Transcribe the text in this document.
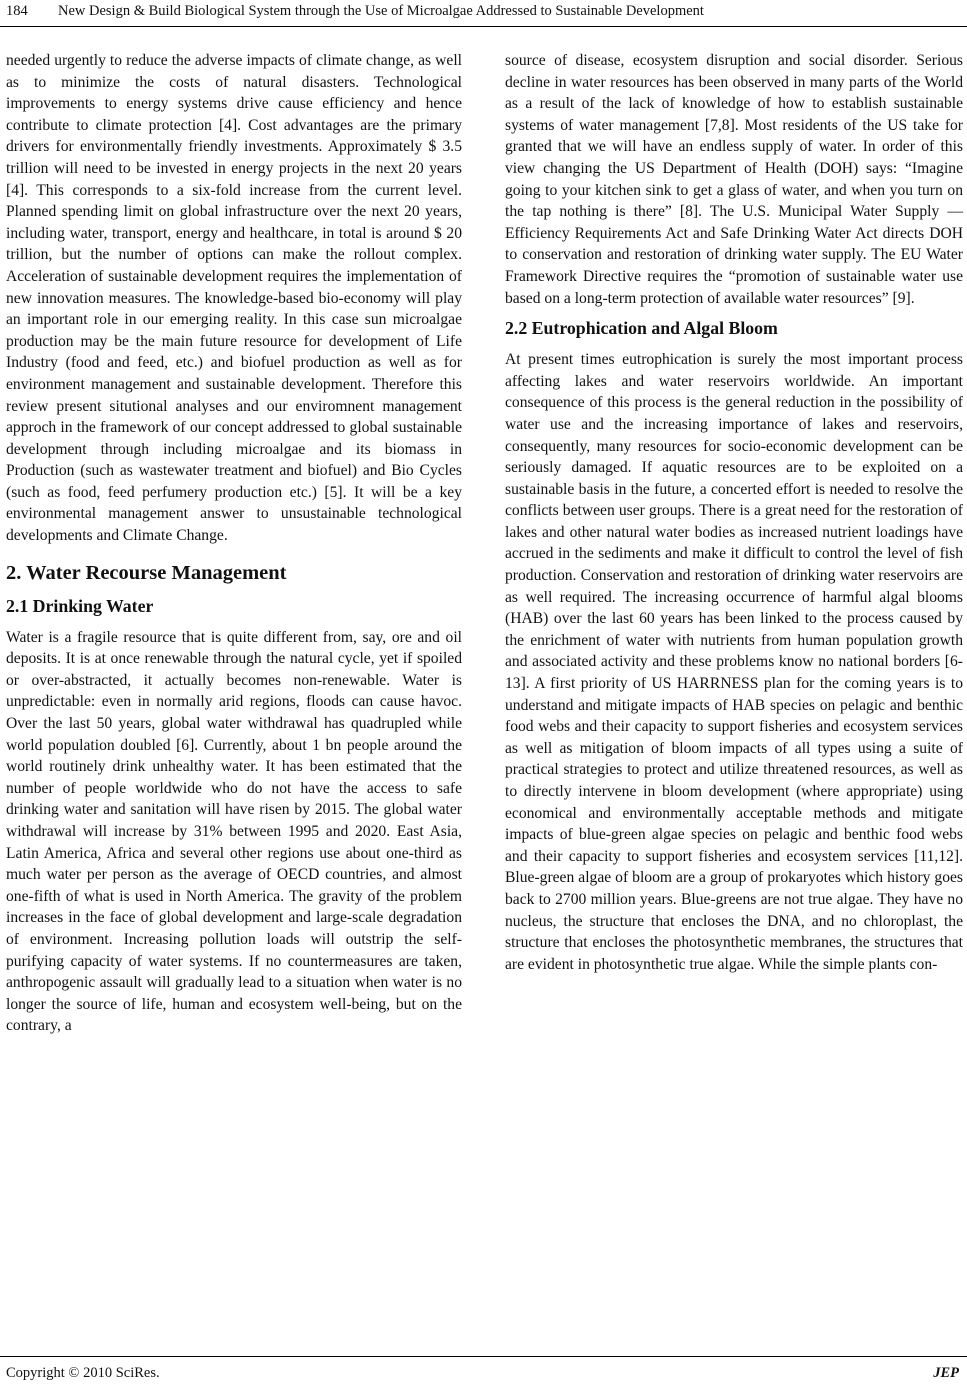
184 New Design & Build Biological System through the Use of Microalgae Addressed to Sustainable Development

needed urgently to reduce the adverse impacts of climate change, as well as to minimize the costs of natural disasters. Technological improvements to energy systems drive cause efficiency and hence contribute to climate protection [4]. Cost advantages are the primary drivers for environmentally friendly investments. Approximately $ 3.5 trillion will need to be invested in energy projects in the next 20 years [4]. This corresponds to a six-fold increase from the current level. Planned spending limit on global infrastructure over the next 20 years, including water, transport, energy and healthcare, in total is around $ 20 trillion, but the number of options can make the rollout complex. Acceleration of sustainable development requires the implementation of new innovation measures. The knowledge-based bio-economy will play an important role in our emerging reality. In this case sun microalgae production may be the main future resource for development of Life Industry (food and feed, etc.) and biofuel production as well as for environment management and sustainable development. Therefore this review present situtional analyses and our enviromnent management approch in the framework of our concept addressed to global sustainable development through including microalgae and its biomass in Production (such as wastewater treatment and biofuel) and Bio Cycles (such as food, feed perfumery production etc.) [5]. It will be a key environmental management answer to unsustainable technological developments and Climate Change.

2. Water Recourse Management
2.1 Drinking Water

Water is a fragile resource that is quite different from, say, ore and oil deposits. It is at once renewable through the natural cycle, yet if spoiled or over-abstracted, it actually becomes non-renewable. Water is unpredictable: even in normally arid regions, floods can cause havoc. Over the last 50 years, global water withdrawal has quadrupled while world population doubled [6]. Currently, about 1 bn people around the world routinely drink unhealthy water. It has been estimated that the number of people worldwide who do not have the access to safe drinking water and sanitation will have risen by 2015. The global water withdrawal will increase by 31% between 1995 and 2020. East Asia, Latin America, Africa and several other regions use about one-third as much water per person as the average of OECD countries, and almost one-fifth of what is used in North America. The gravity of the problem increases in the face of global development and large-scale degradation of environment. Increasing pollution loads will outstrip the self-purifying capacity of water systems. If no countermeasures are taken, anthropogenic assault will gradually lead to a situation when water is no longer the source of life, human and ecosystem well-being, but on the contrary, a

source of disease, ecosystem disruption and social disorder. Serious decline in water resources has been observed in many parts of the World as a result of the lack of knowledge of how to establish sustainable systems of water management [7,8]. Most residents of the US take for granted that we will have an endless supply of water. In order of this view changing the US Department of Health (DOH) says: “Imagine going to your kitchen sink to get a glass of water, and when you turn on the tap nothing is there” [8]. The U.S. Municipal Water Supply —Efficiency Requirements Act and Safe Drinking Water Act directs DOH to conservation and restoration of drinking water supply. The EU Water Framework Directive requires the “promotion of sustainable water use based on a long-term protection of available water resources” [9].

2.2 Eutrophication and Algal Bloom

At present times eutrophication is surely the most important process affecting lakes and water reservoirs worldwide. An important consequence of this process is the general reduction in the possibility of water use and the increasing importance of lakes and reservoirs, consequently, many resources for socio-economic development can be seriously damaged. If aquatic resources are to be exploited on a sustainable basis in the future, a concerted effort is needed to resolve the conflicts between user groups. There is a great need for the restoration of lakes and other natural water bodies as increased nutrient loadings have accrued in the sediments and make it difficult to control the level of fish production. Conservation and restoration of drinking water reservoirs are as well required. The increasing occurrence of harmful algal blooms (HAB) over the last 60 years has been linked to the process caused by the enrichment of water with nutrients from human population growth and associated activity and these problems know no national borders [6-13]. A first priority of US HARRNESS plan for the coming years is to understand and mitigate impacts of HAB species on pelagic and benthic food webs and their capacity to support fisheries and ecosystem services as well as mitigation of bloom impacts of all types using a suite of practical strategies to protect and utilize threatened resources, as well as to directly intervene in bloom development (where appropriate) using economical and environmentally acceptable methods and mitigate impacts of blue-green algae species on pelagic and benthic food webs and their capacity to support fisheries and ecosystem services [11,12]. Blue-green algae of bloom are a group of prokaryotes which history goes back to 2700 million years. Blue-greens are not true algae. They have no nucleus, the structure that encloses the DNA, and no chloroplast, the structure that encloses the photosynthetic membranes, the structures that are evident in photosynthetic true algae. While the simple plants con-

Copyright © 2010 SciRes.	JEP
